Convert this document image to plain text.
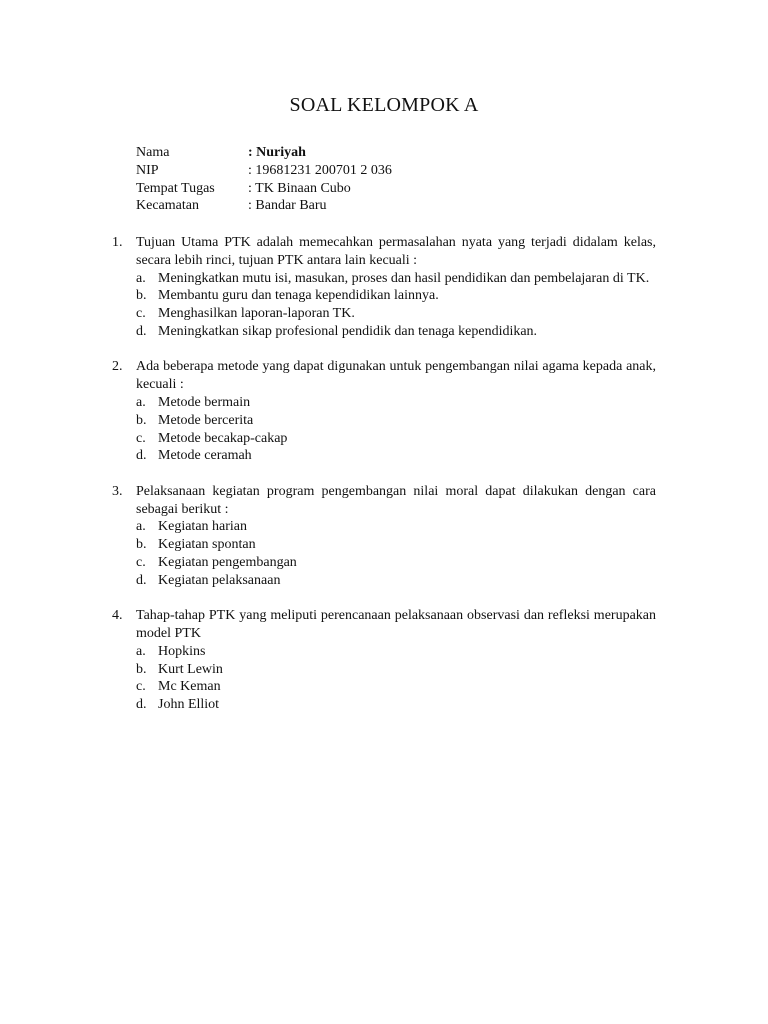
SOAL KELOMPOK A
Nama	: Nuriyah
NIP	: 19681231 200701 2 036
Tempat Tugas	: TK Binaan Cubo
Kecamatan	: Bandar Baru
1. Tujuan Utama PTK adalah memecahkan permasalahan nyata yang terjadi didalam kelas, secara lebih rinci, tujuan PTK antara lain kecuali :
a. Meningkatkan mutu isi, masukan, proses dan hasil pendidikan dan pembelajaran di TK.
b. Membantu guru dan tenaga kependidikan lainnya.
c. Menghasilkan laporan-laporan TK.
d. Meningkatkan sikap profesional pendidik dan tenaga kependidikan.
2. Ada beberapa metode yang dapat digunakan untuk pengembangan nilai agama kepada anak, kecuali :
a. Metode bermain
b. Metode bercerita
c. Metode becakap-cakap
d. Metode ceramah
3. Pelaksanaan kegiatan program pengembangan nilai moral dapat dilakukan dengan cara sebagai berikut :
a. Kegiatan harian
b. Kegiatan spontan
c. Kegiatan pengembangan
d. Kegiatan pelaksanaan
4. Tahap-tahap PTK yang meliputi perencanaan pelaksanaan observasi dan refleksi merupakan model PTK
a. Hopkins
b. Kurt Lewin
c. Mc Keman
d. John Elliot
